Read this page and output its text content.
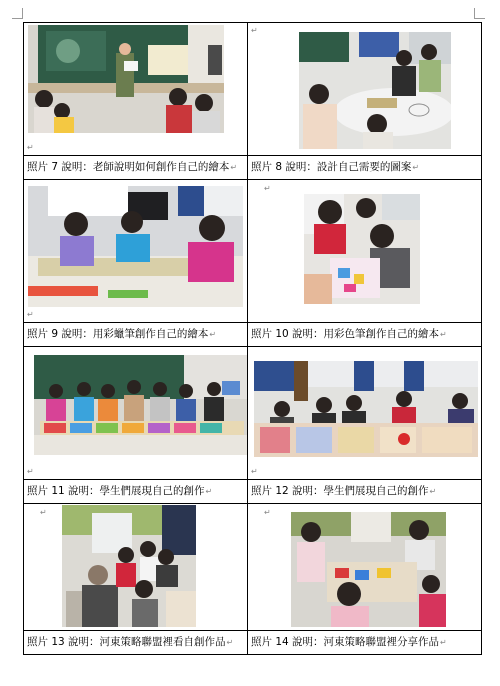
↵	↵

照片 7 說明：老師說明如何創作自己的繪本↵	照片 8 說明：設計自己需要的圖案↵

↵	↵

照片 9 說明：用彩蠟筆創作自己的繪本↵	照片 10 說明：用彩色筆創作自己的繪本↵

↵	↵

照片 11 說明：學生們展現自己的創作↵	照片 12 說明：學生們展現自己的創作↵

↵	↵

照片 13 說明：河東策略聯盟裡看自創作品↵	照片 14 說明：河東策略聯盟裡分享作品↵
